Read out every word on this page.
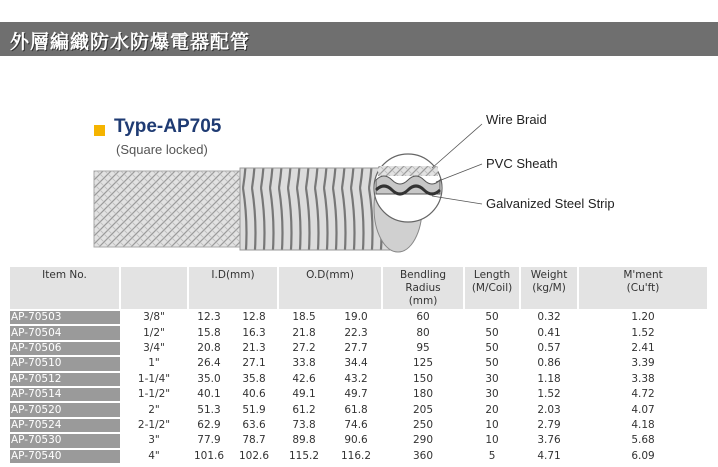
外層編織防水防爆電器配管
Type-AP705
(Square locked)
Wire Braid
PVC Sheath
Galvanized Steel Strip
Item No.		I.D(mm)		O.D(mm)		Bendling
Radius
(mm)	Length
(M/Coil)	Weight
(kg/M)	M'ment
(Cu'ft)
AP-70503	3/8"	12.3	12.8	18.5	19.0	60	50	0.32	1.20
AP-70504	1/2"	15.8	16.3	21.8	22.3	80	50	0.41	1.52
AP-70506	3/4"	20.8	21.3	27.2	27.7	95	50	0.57	2.41
AP-70510	1"	26.4	27.1	33.8	34.4	125	50	0.86	3.39
AP-70512	1-1/4"	35.0	35.8	42.6	43.2	150	30	1.18	3.38
AP-70514	1-1/2"	40.1	40.6	49.1	49.7	180	30	1.52	4.72
AP-70520	2"	51.3	51.9	61.2	61.8	205	20	2.03	4.07
AP-70524	2-1/2"	62.9	63.6	73.8	74.6	250	10	2.79	4.18
AP-70530	3"	77.9	78.7	89.8	90.6	290	10	3.76	5.68
AP-70540	4"	101.6	102.6	115.2	116.2	360	5	4.71	6.09
